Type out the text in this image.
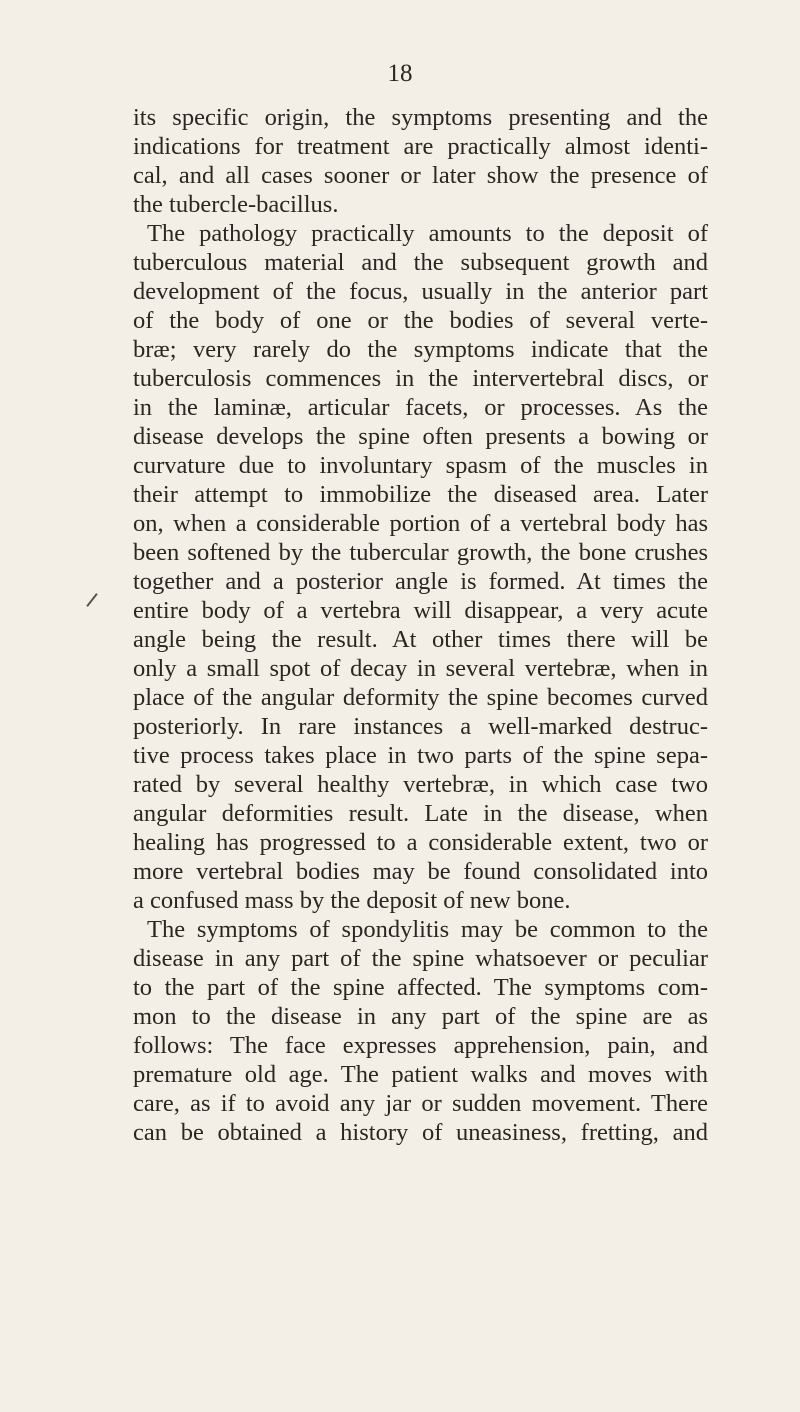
18
its specific origin, the symptoms presenting and the
indications for treatment are practically almost identi-
cal, and all cases sooner or later show the presence of
the tubercle-bacillus.
The pathology practically amounts to the deposit of
tuberculous material and the subsequent growth and
development of the focus, usually in the anterior part
of the body of one or the bodies of several verte-
bræ; very rarely do the symptoms indicate that the
tuberculosis commences in the intervertebral discs, or
in the laminæ, articular facets, or processes. As the
disease develops the spine often presents a bowing or
curvature due to involuntary spasm of the muscles in
their attempt to immobilize the diseased area. Later
on, when a considerable portion of a vertebral body has
been softened by the tubercular growth, the bone crushes
together and a posterior angle is formed. At times the
entire body of a vertebra will disappear, a very acute
angle being the result. At other times there will be
only a small spot of decay in several vertebræ, when in
place of the angular deformity the spine becomes curved
posteriorly. In rare instances a well-marked destruc-
tive process takes place in two parts of the spine sepa-
rated by several healthy vertebræ, in which case two
angular deformities result. Late in the disease, when
healing has progressed to a considerable extent, two or
more vertebral bodies may be found consolidated into
a confused mass by the deposit of new bone.
The symptoms of spondylitis may be common to the
disease in any part of the spine whatsoever or peculiar
to the part of the spine affected. The symptoms com-
mon to the disease in any part of the spine are as
follows: The face expresses apprehension, pain, and
premature old age. The patient walks and moves with
care, as if to avoid any jar or sudden movement. There
can be obtained a history of uneasiness, fretting, and
